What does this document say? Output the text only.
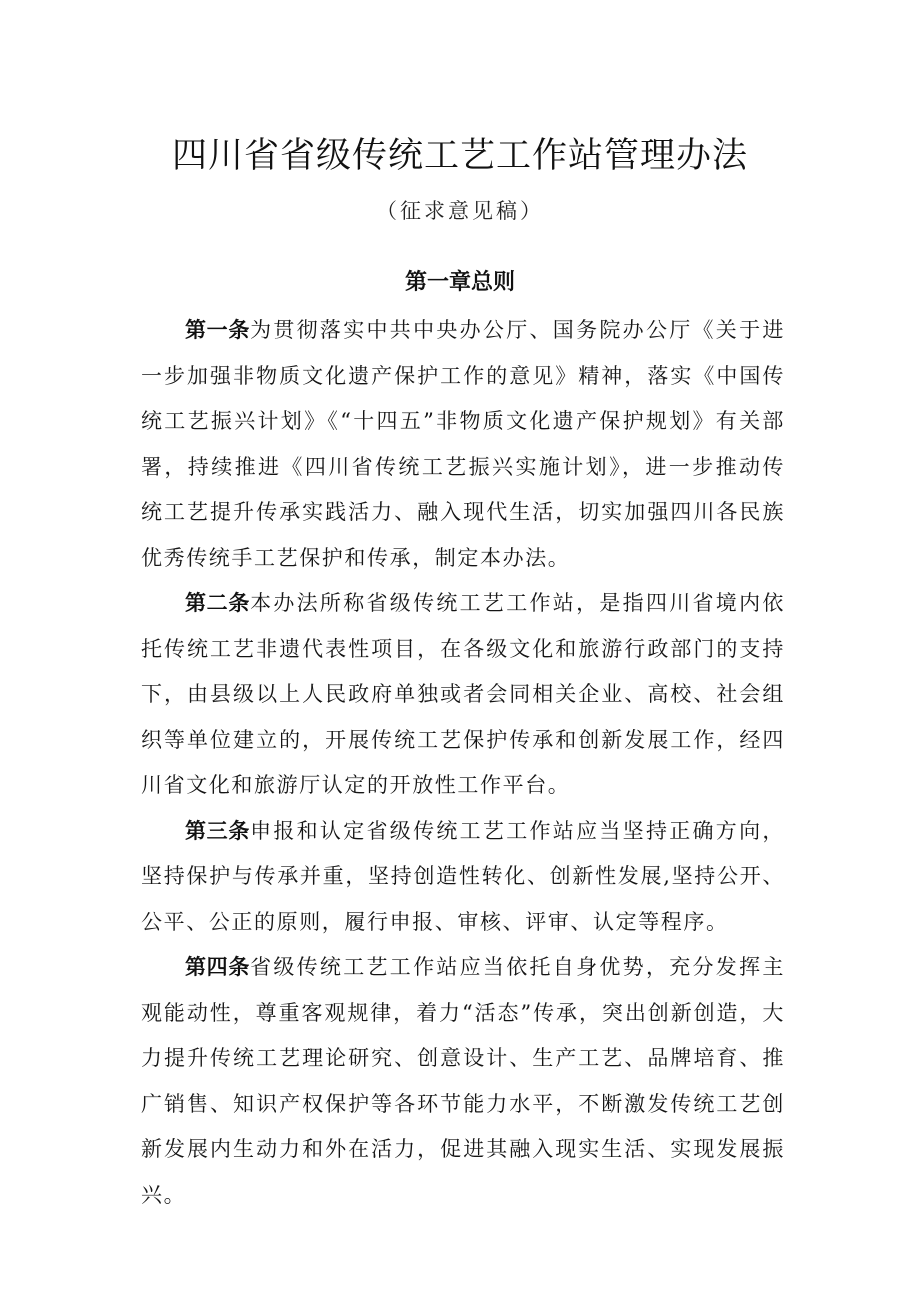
四川省省级传统工艺工作站管理办法
（征求意见稿）
第一章总则

第一条为贯彻落实中共中央办公厅、国务院办公厅《关于进一步加强非物质文化遗产保护工作的意见》精神，落实《中国传统工艺振兴计划》《“十四五”非物质文化遗产保护规划》有关部署，持续推进《四川省传统工艺振兴实施计划》，进一步推动传统工艺提升传承实践活力、融入现代生活，切实加强四川各民族优秀传统手工艺保护和传承，制定本办法。

第二条本办法所称省级传统工艺工作站，是指四川省境内依托传统工艺非遗代表性项目，在各级文化和旅游行政部门的支持下，由县级以上人民政府单独或者会同相关企业、高校、社会组织等单位建立的，开展传统工艺保护传承和创新发展工作，经四川省文化和旅游厅认定的开放性工作平台。

第三条申报和认定省级传统工艺工作站应当坚持正确方向，坚持保护与传承并重，坚持创造性转化、创新性发展,坚持公开、公平、公正的原则，履行申报、审核、评审、认定等程序。

第四条省级传统工艺工作站应当依托自身优势，充分发挥主观能动性，尊重客观规律，着力“活态”传承，突出创新创造，大力提升传统工艺理论研究、创意设计、生产工艺、品牌培育、推广销售、知识产权保护等各环节能力水平，不断激发传统工艺创新发展内生动力和外在活力，促进其融入现实生活、实现发展振兴。
